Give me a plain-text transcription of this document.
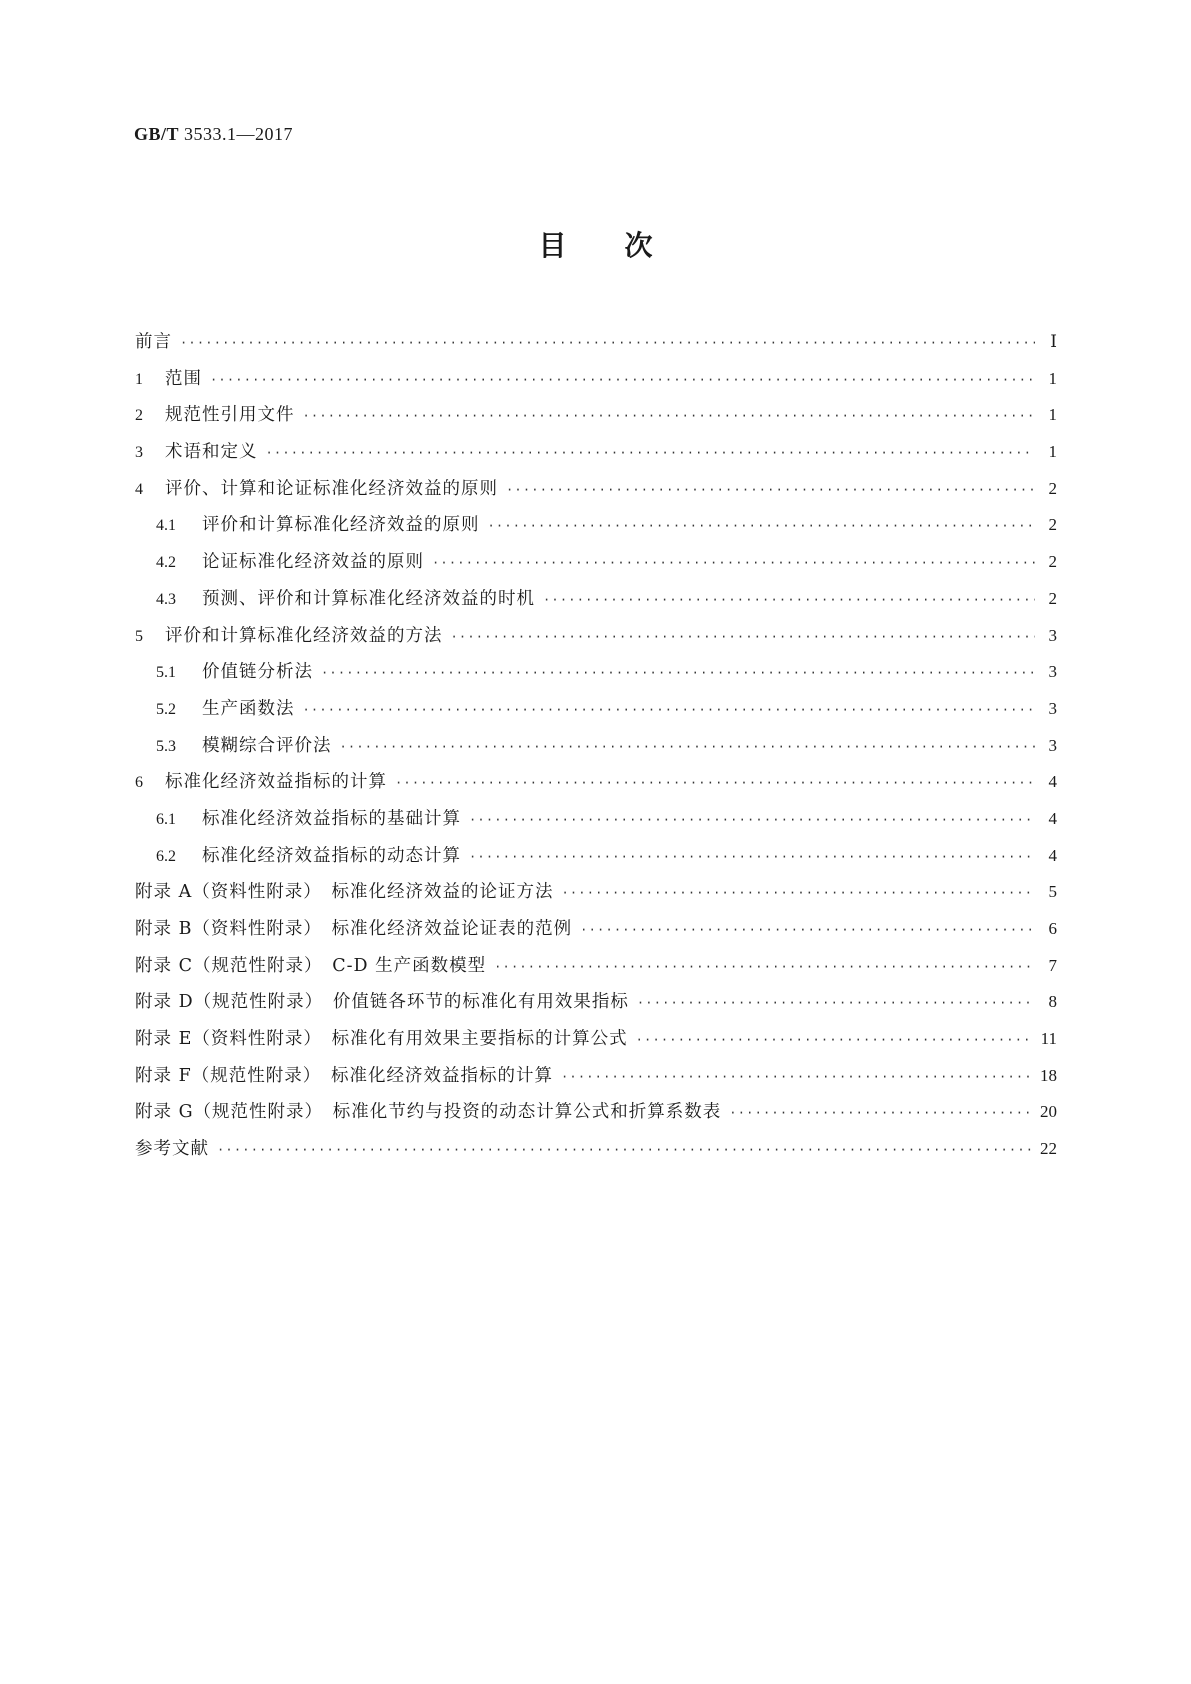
GB/T 3533.1—2017
目次
前言 ·····	Ⅰ
1	范围 ·····	1
2	规范性引用文件 ·····	1
3	术语和定义 ·····	1
4	评价、计算和论证标准化经济效益的原则 ·····	2
4.1	评价和计算标准化经济效益的原则 ·····	2
4.2	论证标准化经济效益的原则 ·····	2
4.3	预测、评价和计算标准化经济效益的时机 ·····	2
5	评价和计算标准化经济效益的方法 ·····	3
5.1	价值链分析法 ·····	3
5.2	生产函数法 ·····	3
5.3	模糊综合评价法 ·····	3
6	标准化经济效益指标的计算 ·····	4
6.1	标准化经济效益指标的基础计算 ·····	4
6.2	标准化经济效益指标的动态计算 ·····	4
附录 A（资料性附录）　标准化经济效益的论证方法 ·····	5
附录 B（资料性附录）　标准化经济效益论证表的范例 ·····	6
附录 C（规范性附录）　C-D 生产函数模型 ·····	7
附录 D（规范性附录）　价值链各环节的标准化有用效果指标 ·····	8
附录 E（资料性附录）　标准化有用效果主要指标的计算公式 ·····	11
附录 F（规范性附录）　标准化经济效益指标的计算 ·····	18
附录 G（规范性附录）　标准化节约与投资的动态计算公式和折算系数表 ·····	20
参考文献 ·····	22
